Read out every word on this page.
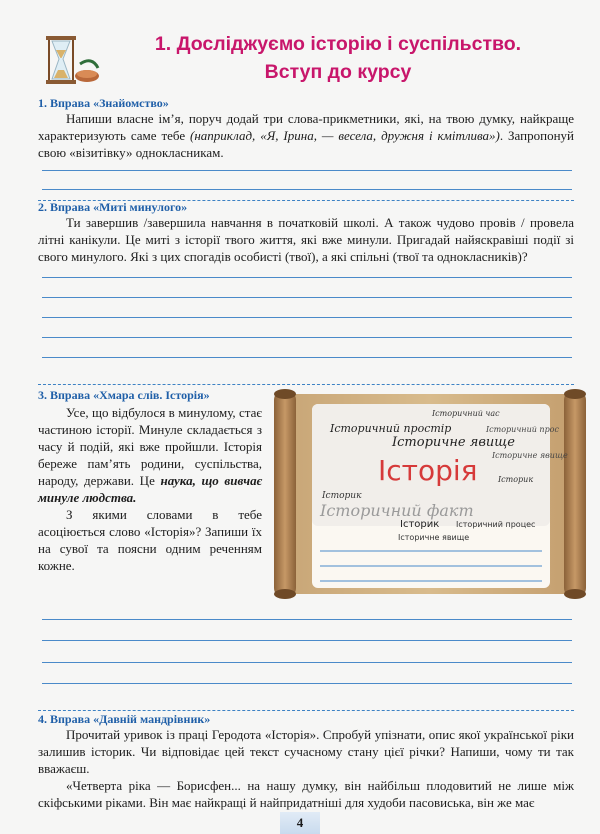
1. Досліджуємо історію і суспільство.
Вступ до курсу
1. Вправа «Знайомство»

Напиши власне ім’я, поруч додай три слова-прикметники, які, на твою думку, найкраще характеризують саме тебе (наприклад, «Я, Ірина, — весела, дружня і кмітлива»). Запропонуй свою «візитівку» однокласникам.

2. Вправа «Миті минулого»
Ти завершив /завершила навчання в початковій школі. А також чудово провів / провела літні канікули. Це миті з історії твого життя, які вже минули. Пригадай найяскравіші події зі свого минулого. Які з цих спогадів особисті (твої), а які спільні (твої та однокласників)?
3. Вправа «Хмара слів. Історія»

Усе, що відбулося в минулому, стає частиною історії. Минуле складається з часу й подій, які вже пройшли. Історія береже пам’ять родини, суспільства, народу, держави. Це наука, що вивчає минуле людства.

З якими словами в тебе асоціюється слово «Історія»? Запиши їх на сувої та поясни одним реченням кожне.

Історичний час
Історичний простір
Історичне явище
Історичний прос
Історичне явище
Історія
Історик
Історик
Історичний факт
Історик Історичний процес
Історичне явище
4. Вправа «Давній мандрівник»

Прочитай уривок із праці Геродота «Історія». Спробуй упізнати, опис якої української ріки залишив історик. Чи відповідає цей текст сучасному стану цієї річки? Напиши, чому ти так вважаєш.

«Четверта ріка — Борисфен... на нашу думку, він найбільш плодовитий не лише між скіфськими ріками. Він має найкращі й найпридатніші для худоби пасовиська, він же має

4
